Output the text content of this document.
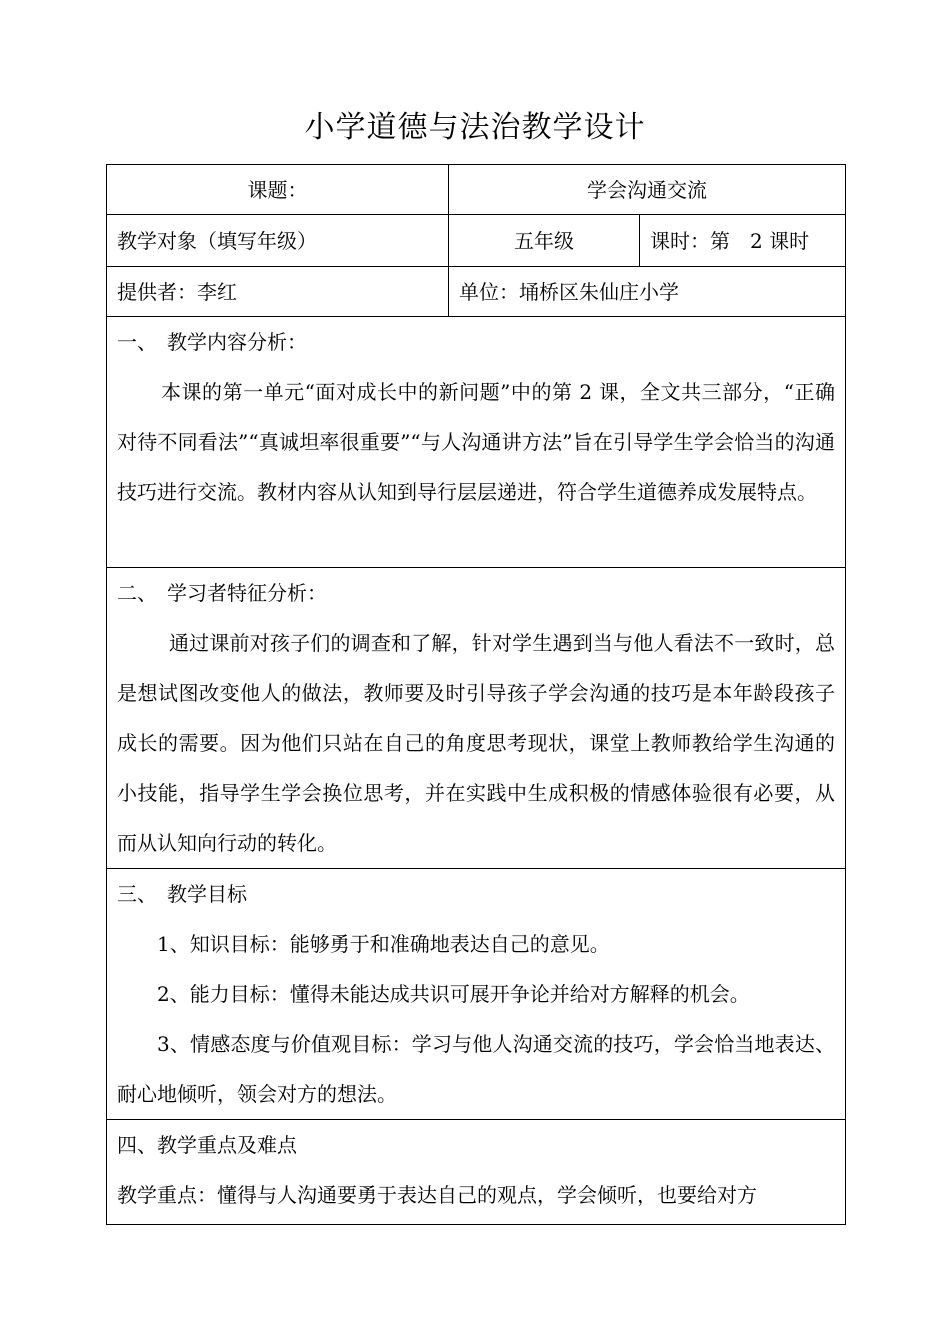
小学道德与法治教学设计
课题：	学会沟通交流	
教学对象（填写年级）	五年级	课时：第　2 课时
提供者：李红	单位：埇桥区朱仙庄小学	

一、　教学内容分析：

本课的第一单元“面对成长中的新问题”中的第 2 课，全文共三部分，“正确对待不同看法”“真诚坦率很重要”“与人沟通讲方法”旨在引导学生学会恰当的沟通技巧进行交流。教材内容从认知到导行层层递进，符合学生道德养成发展特点。		

二、　学习者特征分析：

通过课前对孩子们的调查和了解，针对学生遇到当与他人看法不一致时，总是想试图改变他人的做法，教师要及时引导孩子学会沟通的技巧是本年龄段孩子成长的需要。因为他们只站在自己的角度思考现状，课堂上教师教给学生沟通的小技能，指导学生学会换位思考，并在实践中生成积极的情感体验很有必要，从而从认知向行动的转化。		

三、　教学目标

1、知识目标：能够勇于和准确地表达自己的意见。

2、能力目标：懂得未能达成共识可展开争论并给对方解释的机会。

3、情感态度与价值观目标：学习与他人沟通交流的技巧，学会恰当地表达、耐心地倾听，领会对方的想法。		

四、教学重点及难点

教学重点：懂得与人沟通要勇于表达自己的观点，学会倾听，也要给对方		
